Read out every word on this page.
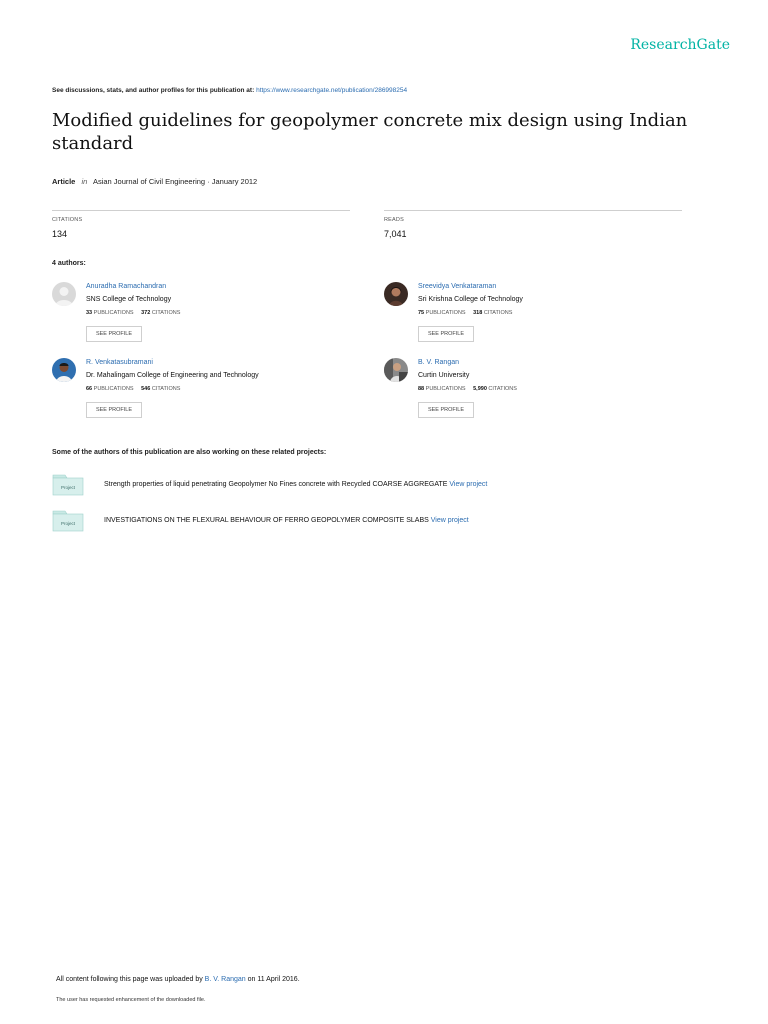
ResearchGate
See discussions, stats, and author profiles for this publication at: https://www.researchgate.net/publication/286998254
Modified guidelines for geopolymer concrete mix design using Indian standard
Article in Asian Journal of Civil Engineering · January 2012
CITATIONS
134
READS
7,041
4 authors:
Anuradha Ramachandran
SNS College of Technology
33 PUBLICATIONS 372 CITATIONS
SEE PROFILE
Sreevidya Venkataraman
Sri Krishna College of Technology
75 PUBLICATIONS 318 CITATIONS
SEE PROFILE
R. Venkatasubramani
Dr. Mahalingam College of Engineering and Technology
66 PUBLICATIONS 546 CITATIONS
SEE PROFILE
B. V. Rangan
Curtin University
88 PUBLICATIONS 5,990 CITATIONS
SEE PROFILE
Some of the authors of this publication are also working on these related projects:
Project	Strength properties of liquid penetrating Geopolymer No Fines concrete with Recycled COARSE AGGREGATE View project
Project	INVESTIGATIONS ON THE FLEXURAL BEHAVIOUR OF FERRO GEOPOLYMER COMPOSITE SLABS View project
All content following this page was uploaded by B. V. Rangan on 11 April 2016.
The user has requested enhancement of the downloaded file.
